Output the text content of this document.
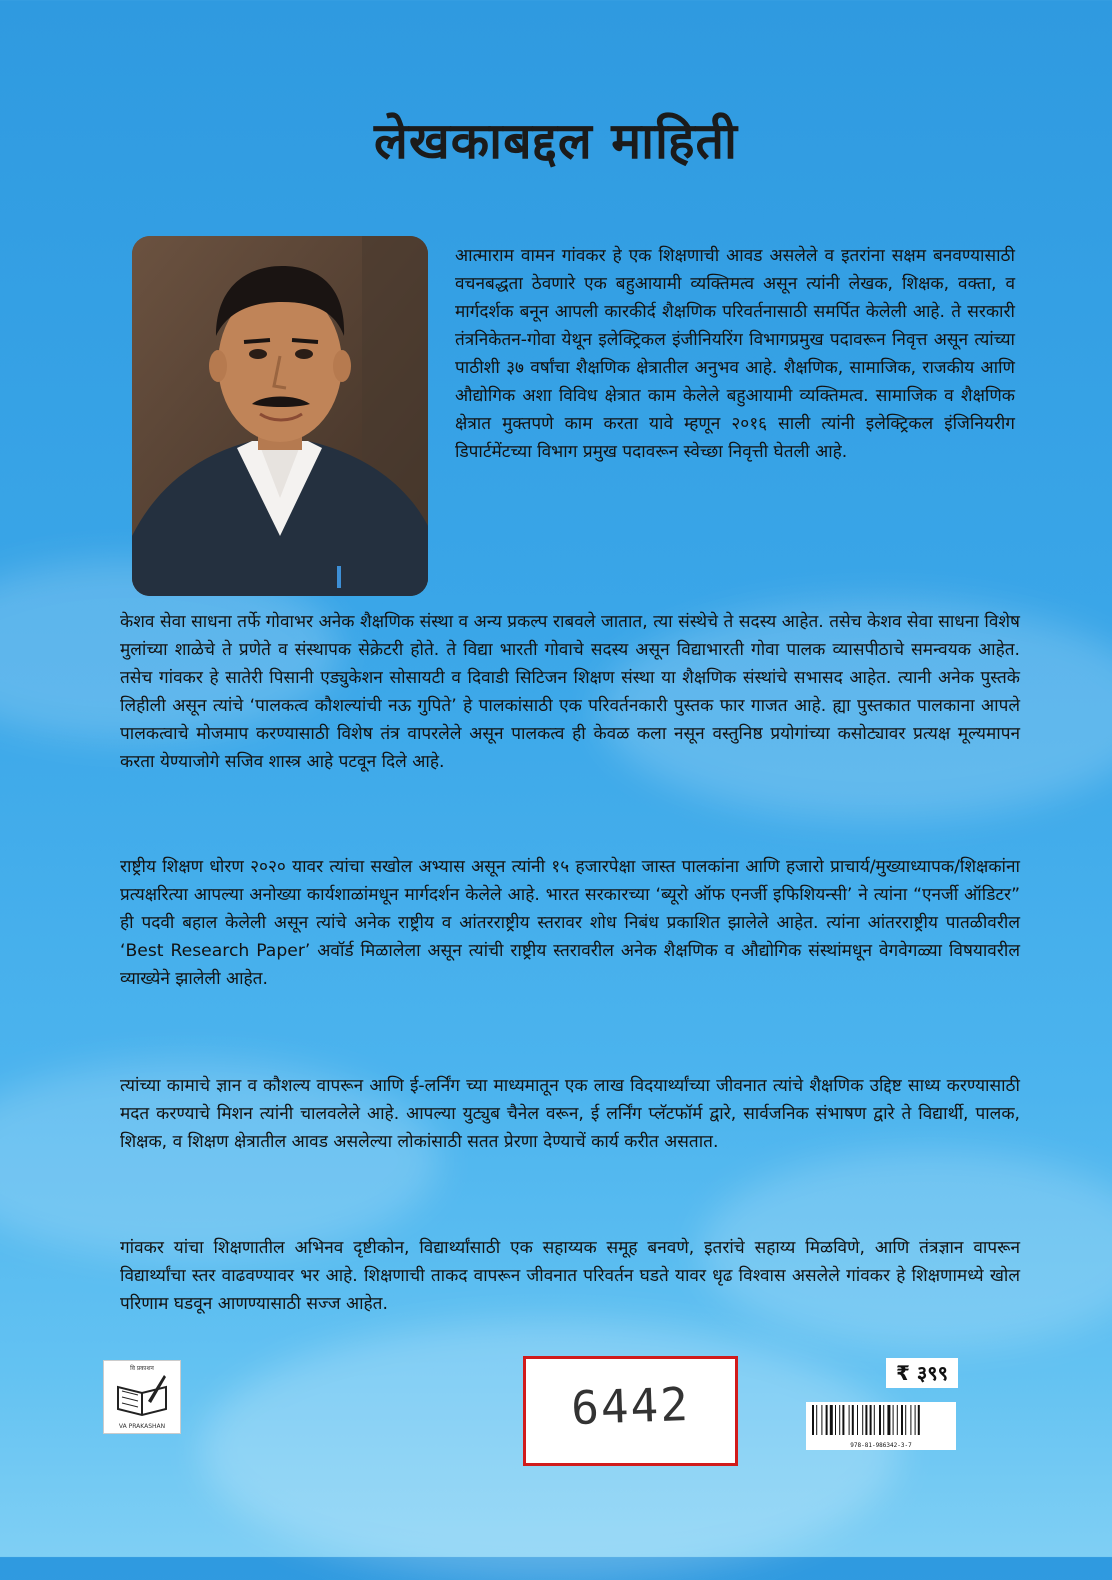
लेखकाबद्दल माहिती

आत्माराम वामन गांवकर हे एक शिक्षणाची आवड असलेले व इतरांना सक्षम बनवण्यासाठी वचनबद्धता ठेवणारे एक बहुआयामी व्यक्तिमत्व असून त्यांनी लेखक, शिक्षक, वक्ता, व मार्गदर्शक बनून आपली कारकीर्द शैक्षणिक परिवर्तनासाठी समर्पित केलेली आहे. ते सरकारी तंत्रनिकेतन-गोवा येथून इलेक्ट्रिकल इंजीनियरिंग विभागप्रमुख पदावरून निवृत्त असून त्यांच्या पाठीशी ३७ वर्षांचा शैक्षणिक क्षेत्रातील अनुभव आहे. शैक्षणिक, सामाजिक, राजकीय आणि औद्योगिक अशा विविध क्षेत्रात काम केलेले बहुआयामी व्यक्तिमत्व. सामाजिक व शैक्षणिक क्षेत्रात मुक्तपणे काम करता यावे म्हणून २०१६ साली त्यांनी इलेक्ट्रिकल इंजिनियरीग डिपार्टमेंटच्या विभाग प्रमुख पदावरून स्वेच्छा निवृत्ती घेतली आहे.

केशव सेवा साधना तर्फे गोवाभर अनेक शैक्षणिक संस्था व अन्य प्रकल्प राबवले जातात, त्या संस्थेचे ते सदस्य आहेत. तसेच केशव सेवा साधना विशेष मुलांच्या शाळेचे ते प्रणेते व संस्थापक सेक्रेटरी होते. ते विद्या भारती गोवाचे सदस्य असून विद्याभारती गोवा पालक व्यासपीठाचे समन्वयक आहेत. तसेच गांवकर हे सातेरी पिसानी एड्युकेशन सोसायटी व दिवाडी सिटिजन शिक्षण संस्था या शैक्षणिक संस्थांचे सभासद आहेत. त्यानी अनेक पुस्तके लिहीली असून त्यांचे ‘पालकत्व कौशल्यांची नऊ गुपिते’ हे पालकांसाठी एक परिवर्तनकारी पुस्तक फार गाजत आहे. ह्या पुस्तकात पालकाना आपले पालकत्वाचे मोजमाप करण्यासाठी विशेष तंत्र वापरलेले असून पालकत्व ही केवळ कला नसून वस्तुनिष्ठ प्रयोगांच्या कसोट्यावर प्रत्यक्ष मूल्यमापन करता येण्याजोगे सजिव शास्त्र आहे पटवून दिले आहे.

राष्ट्रीय शिक्षण धोरण २०२० यावर त्यांचा सखोल अभ्यास असून त्यांनी १५ हजारपेक्षा जास्त पालकांना आणि हजारो प्राचार्य/मुख्याध्यापक/शिक्षकांना प्रत्यक्षरित्या आपल्या अनोख्या कार्यशाळांमधून मार्गदर्शन केलेले आहे. भारत सरकारच्या ‘ब्यूरो ऑफ एनर्जी इफिशियन्सी’ ने त्यांना “एनर्जी ऑडिटर” ही पदवी बहाल केलेली असून त्यांचे अनेक राष्ट्रीय व आंतरराष्ट्रीय स्तरावर शोध निबंध प्रकाशित झालेले आहेत. त्यांना आंतरराष्ट्रीय पातळीवरील ‘Best Research Paper’ अवॉर्ड मिळालेला असून त्यांची राष्ट्रीय स्तरावरील अनेक शैक्षणिक व औद्योगिक संस्थांमधून वेगवेगळ्या विषयावरील व्याख्येने झालेली आहेत.

त्यांच्या कामाचे ज्ञान व कौशल्य वापरून आणि ई-लर्निंग च्या माध्यमातून एक लाख विदयार्थ्यांच्या जीवनात त्यांचे शैक्षणिक उद्दिष्ट साध्य करण्यासाठी मदत करण्याचे मिशन त्यांनी चालवलेले आहे. आपल्या युट्युब चैनेल वरून, ई लर्निंग प्लॅटफॉर्म द्वारे, सार्वजनिक संभाषण द्वारे ते विद्यार्थी, पालक, शिक्षक, व शिक्षण क्षेत्रातील आवड असलेल्या लोकांसाठी सतत प्रेरणा देण्याचें कार्य करीत असतात.

गांवकर यांचा शिक्षणातील अभिनव दृष्टीकोन, विद्यार्थ्यांसाठी एक सहाय्यक समूह बनवणे, इतरांचे सहाय्य मिळविणे, आणि तंत्रज्ञान वापरून विद्यार्थ्यांचा स्तर वाढवण्यावर भर आहे. शिक्षणाची ताकद वापरून जीवनात परिवर्तन घडते यावर धृढ विश्वास असलेले गांवकर हे शिक्षणामध्ये खोल परिणाम घडवून आणण्यासाठी सज्ज आहेत.

वि प्रकाशन
VA PRAKASHAN	6442
₹ ३९९
978-81-986342-3-7
